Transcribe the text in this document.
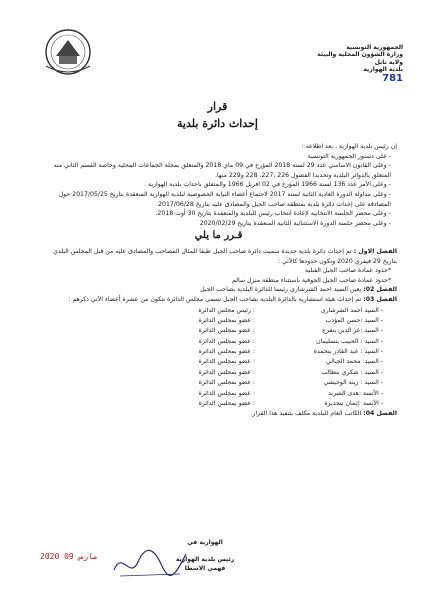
الجمهورية التونسية
وزارة الشؤون المحلية والبيئة
ولاية نابل
بلدية الهوارية
781
قرار
إحداث دائرة بلدية

إن رئيس بلدية الهوارية ، بعد اطلاعه :

- على دستور الجمهورية التونسية

- وعلى القانون الاساسي عدد 29 لسنة 2018 المؤرخ في 09 ماي 2018 والمتعلق بمجلة الجماعات المحلية وخاصة القسم الثاني منه المتعلق بالدوائر البلدية وتحديدا الفصول 226 ،227، 228 و229 منها.

- وعلى الأمر عدد 136 لسنة 1966 المؤرخ في 02 افريل 1966 والمتعلق باحداث بلدية الهوارية .

- وعلى مداولة الدورة العادية الثانية لسنة 2017 لاجتماع أعضاء النيابة الخصوصية لبلدية الهوارية المنعقدة بتاريخ 2017/05/25 حول المصادقة على إحداث دائرة بلدية بمنطقة صاحب الجبل والمصادق عليه بتاريخ 2017/06/28.

- وعلى محضر الجلسة الانتخابية لإعادة انتخاب رئيس للبلدية والمنعقدة بتاريخ 30 أوت 2018.

- وعلى محضر جلسة الدورة الاستثنائية الثانية المنعقدة بتاريخ 2020/02/29

قـرر ما يلي

الفصل الاول : تم إحداث دائرة بلدية جديدة سميت دائرة صاحب الجبل طبقا للمثال المصاحب والمصادق عليه من قبل المجلس البلدي بتاريخ 29 فيفري 2020 وتكون حدودها كالآتي :

*حدود عمادة صاحب الجبل القبلية

*حدود عمادة صاحب الجبل الجوفية باستثناء منطقة منزل سالم

الفصل 02: يعين السيد احمد الشرشاري رئيسا للدائرة البلدية بصاحب الجبل

الفصل 03: تم إحداث هيئة استشارية بالدائرة البلدية بصاحب الجبل تسمى مجلس الدائرة تتكون من عشرة أعضاء الآتي ذكرهم :

- السيد احمد الشرشاري
: رئيس مجلس الدائرة
- السيد :حسن المؤدب
: عضو بمجلس الدائرة
- السيد :عز الدين بنفرج
: عضو بمجلس الدائرة
- السيد : الحبيب بنسليمان
: عضو بمجلس الدائرة
- السيد : عبد القادر بنحمدة
: عضو بمجلس الدائرة
- السيد: محمد الجبالي
: عضو بمجلس الدائرة
- السيد : شكري بنطالب
: عضو بمجلس الدائرة
- السيد : زينة الوحيشي
: عضو بمجلس الدائرة
- الآنسة :هدى الشريد
: عضو بمجلس الدائرة
- الآنسة :إيمان بنجديرة
: عضو بمجلس الدائرة

الفصل 04: الكاتب العام للبلدية مكلف بتنفيذ هذا القرار.

2020 مارس 09
الهوارية في
رئيس بلدية الهوارية
فهمي الاسطا
